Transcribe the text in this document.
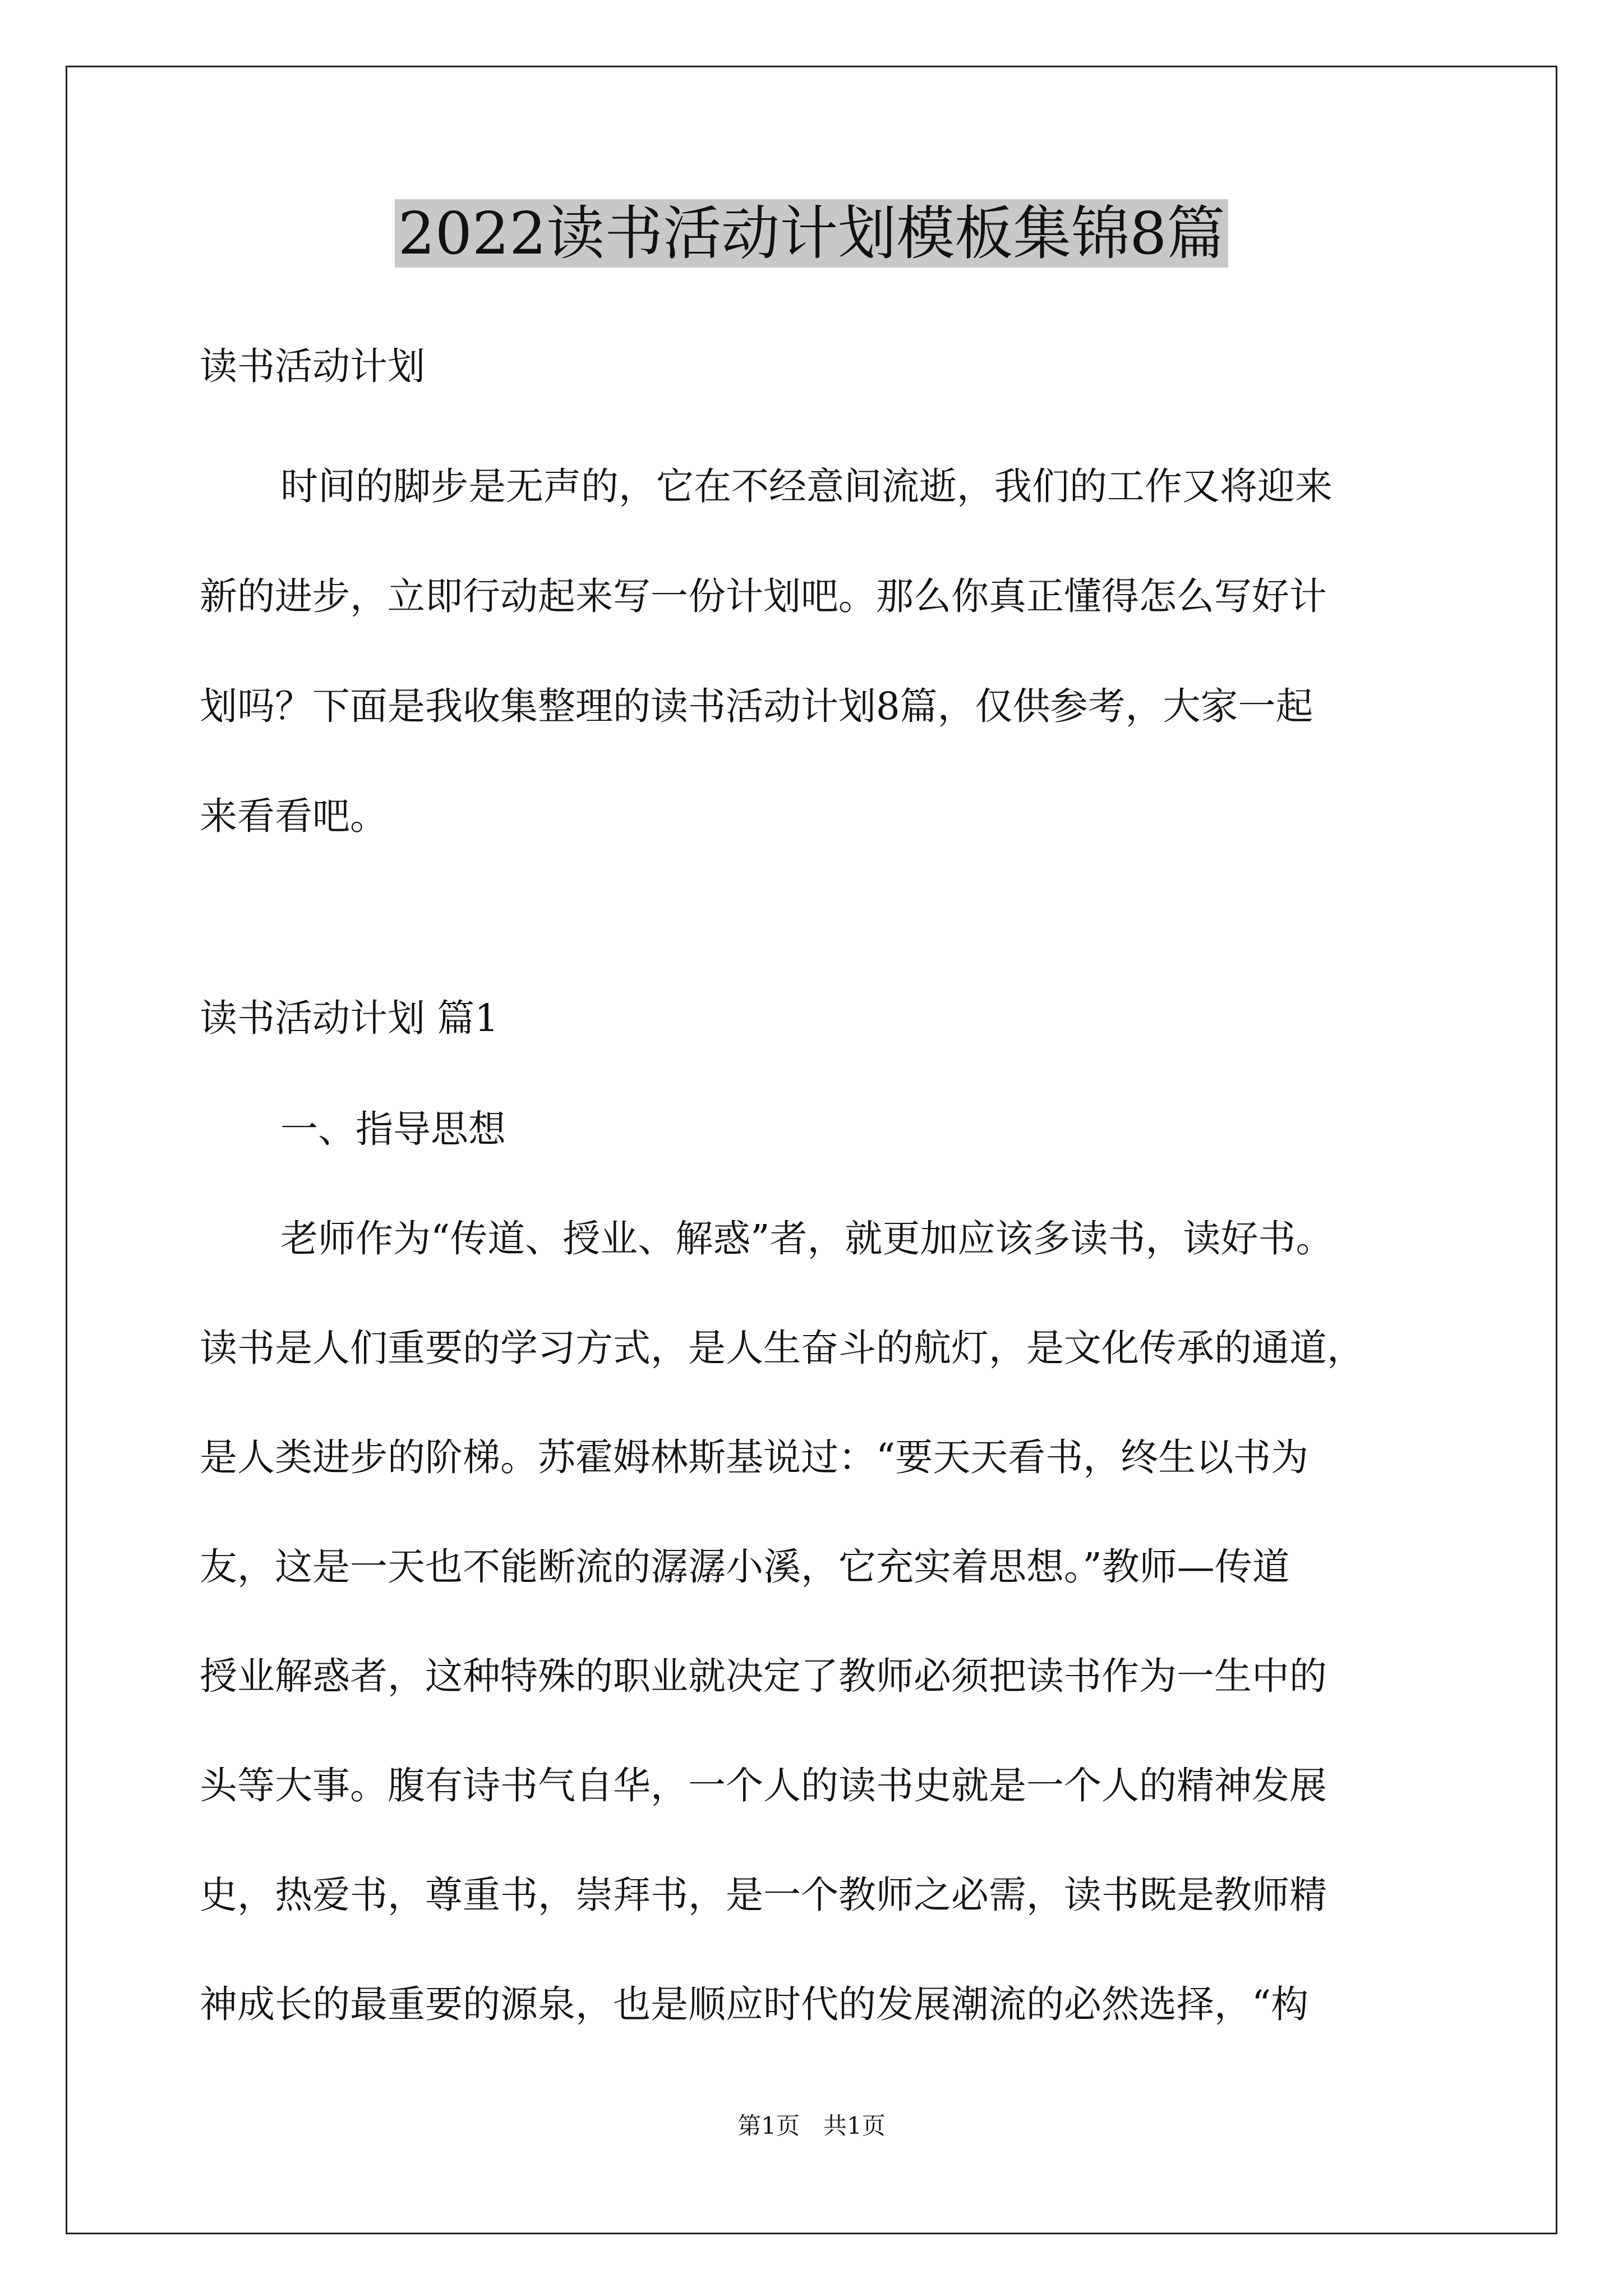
2022读书活动计划模板集锦8篇

读书活动计划

时间的脚步是无声的，它在不经意间流逝，我们的工作又将迎来

新的进步，立即行动起来写一份计划吧。那么你真正懂得怎么写好计

划吗？下面是我收集整理的读书活动计划8篇，仅供参考，大家一起

来看看吧。

读书活动计划 篇1

一、指导思想

老师作为“传道、授业、解惑”者，就更加应该多读书，读好书。

读书是人们重要的学习方式，是人生奋斗的航灯，是文化传承的通道，

是人类进步的阶梯。苏霍姆林斯基说过：“要天天看书，终生以书为

友，这是一天也不能断流的潺潺小溪，它充实着思想。”教师—传道

授业解惑者，这种特殊的职业就决定了教师必须把读书作为一生中的

头等大事。腹有诗书气自华，一个人的读书史就是一个人的精神发展

史，热爱书，尊重书，崇拜书，是一个教师之必需，读书既是教师精

神成长的最重要的源泉，也是顺应时代的发展潮流的必然选择，“构

第1页　共1页
